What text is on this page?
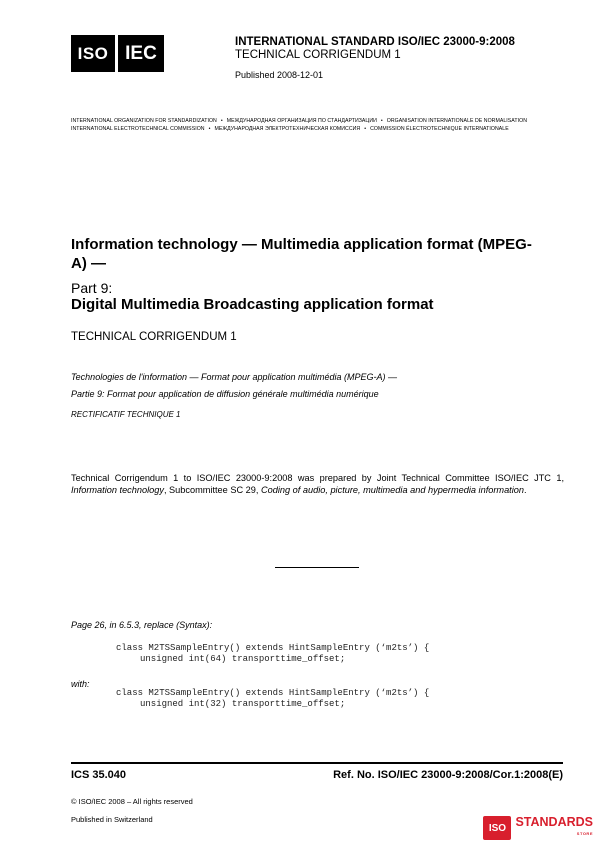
ISO IEC
INTERNATIONAL STANDARD ISO/IEC 23000-9:2008
TECHNICAL CORRIGENDUM 1
Published 2008-12-01
INTERNATIONAL ORGANIZATION FOR STANDARDIZATION • МЕЖДУНАРОДНАЯ ОРГАНИЗАЦИЯ ПО СТАНДАРТИЗАЦИИ • ORGANISATION INTERNATIONALE DE NORMALISATION
INTERNATIONAL ELECTROTECHNICAL COMMISSION • МЕЖДУНАРОДНАЯ ЭЛЕКТРОТЕХНИЧЕСКАЯ КОМИССИЯ • COMMISSION ÉLECTROTECHNIQUE INTERNATIONALE
Information technology — Multimedia application format (MPEG-A) —
Part 9:
Digital Multimedia Broadcasting application format
TECHNICAL CORRIGENDUM 1
Technologies de l'information — Format pour application multimédia (MPEG-A) —
Partie 9: Format pour application de diffusion générale multimédia numérique
RECTIFICATIF TECHNIQUE 1
Technical Corrigendum 1 to ISO/IEC 23000-9:2008 was prepared by Joint Technical Committee ISO/IEC JTC 1, Information technology, Subcommittee SC 29, Coding of audio, picture, multimedia and hypermedia information.
Page 26, in 6.5.3, replace (Syntax):
class M2TSSampleEntry() extends HintSampleEntry (‘m2ts’) {
unsigned int(64) transporttime_offset;
with:
class M2TSSampleEntry() extends HintSampleEntry (‘m2ts’) {
unsigned int(32) transporttime_offset;
ICS 35.040	Ref. No. ISO/IEC 23000-9:2008/Cor.1:2008(E)
© ISO/IEC 2008 – All rights reserved
Published in Switzerland
ISO STANDARDS
STORE
